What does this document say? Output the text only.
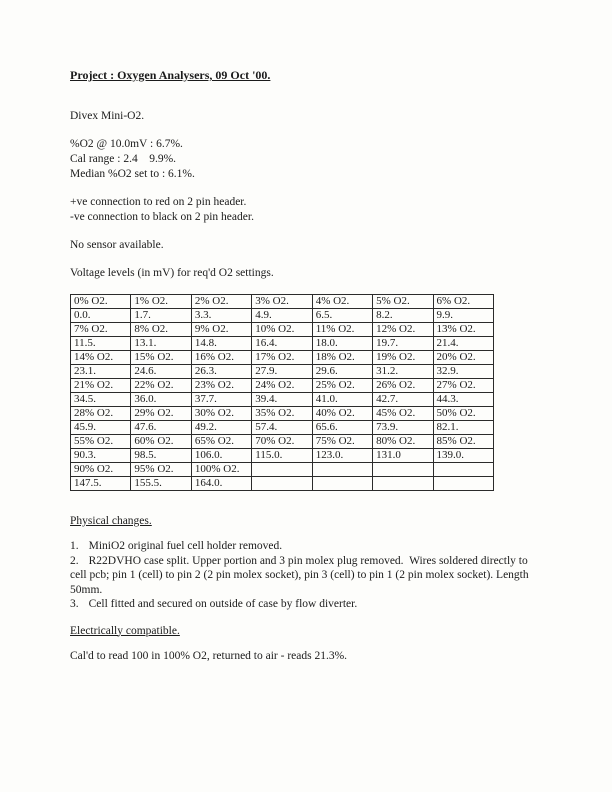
Project : Oxygen Analysers, 09 Oct '00.

Divex Mini-O2.

%O2 @ 10.0mV : 6.7%.

Cal range : 2.4    9.9%.

Median %O2 set to : 6.1%.

+ve connection to red on 2 pin header.

-ve connection to black on 2 pin header.

No sensor available.

Voltage levels (in mV) for req'd O2 settings.

0% O2.	1% O2.	2% O2.	3% O2.	4% O2.	5% O2.	6% O2.
0.0.	1.7.	3.3.	4.9.	6.5.	8.2.	9.9.
7% O2.	8% O2.	9% O2.	10% O2.	11% O2.	12% O2.	13% O2.
11.5.	13.1.	14.8.	16.4.	18.0.	19.7.	21.4.
14% O2.	15% O2.	16% O2.	17% O2.	18% O2.	19% O2.	20% O2.
23.1.	24.6.	26.3.	27.9.	29.6.	31.2.	32.9.
21% O2.	22% O2.	23% O2.	24% O2.	25% O2.	26% O2.	27% O2.
34.5.	36.0.	37.7.	39.4.	41.0.	42.7.	44.3.
28% O2.	29% O2.	30% O2.	35% O2.	40% O2.	45% O2.	50% O2.
45.9.	47.6.	49.2.	57.4.	65.6.	73.9.	82.1.
55% O2.	60% O2.	65% O2.	70% O2.	75% O2.	80% O2.	85% O2.
90.3.	98.5.	106.0.	115.0.	123.0.	131.0	139.0.
90% O2.	95% O2.	100% O2.				
147.5.	155.5.	164.0.				
Physical changes.

1. MiniO2 original fuel cell holder removed.

2. R22DVHO case split. Upper portion and 3 pin molex plug removed.  Wires soldered directly to cell pcb; pin 1 (cell) to pin 2 (2 pin molex socket), pin 3 (cell) to pin 1 (2 pin molex socket). Length 50mm.

3. Cell fitted and secured on outside of case by flow diverter.

Electrically compatible.

Cal'd to read 100 in 100% O2, returned to air - reads 21.3%.
